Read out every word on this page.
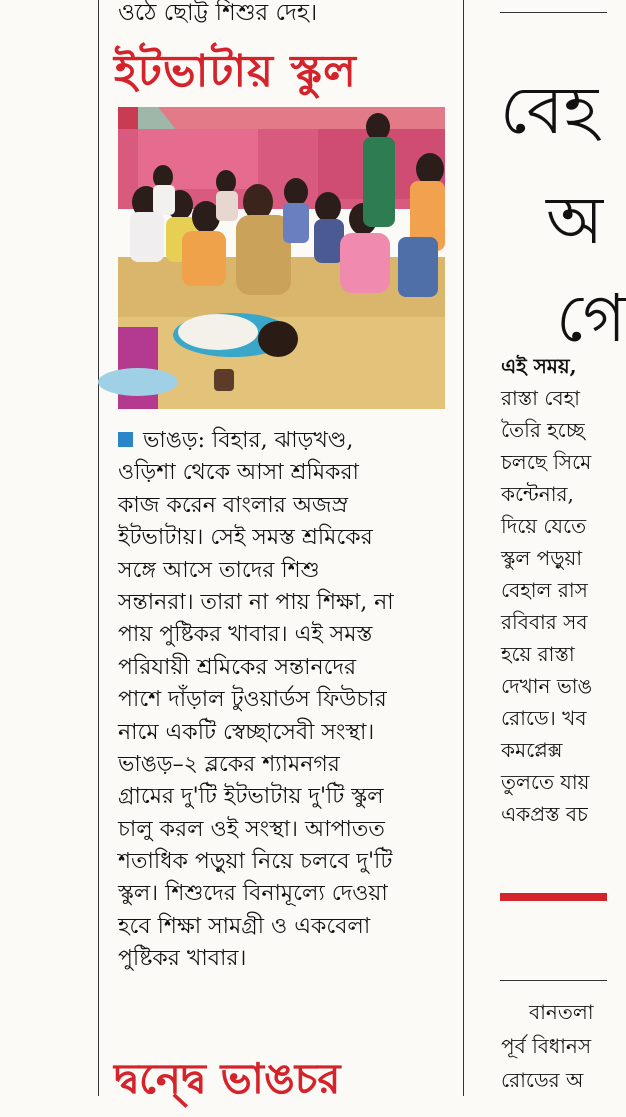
ওঠে ছোট্ট শিশুর দেহ।
ইটভাটায় স্কুল
ভাঙড়: বিহার, ঝাড়খণ্ড,
ওড়িশা থেকে আসা শ্রমিকরা
কাজ করেন বাংলার অজস্র
ইটভাটায়। সেই সমস্ত শ্রমিকের
সঙ্গে আসে তাদের শিশু
সন্তানরা। তারা না পায় শিক্ষা, না
পায় পুষ্টিকর খাবার। এই সমস্ত
পরিযায়ী শ্রমিকের সন্তানদের
পাশে দাঁড়াল টুওয়ার্ডস ফিউচার
নামে একটি স্বেচ্ছাসেবী সংস্থা।
ভাঙড়–২ ব্লকের শ্যামনগর
গ্রামের দু'টি ইটভাটায় দু'টি স্কুল
চালু করল ওই সংস্থা। আপাতত
শতাধিক পড়ুয়া নিয়ে চলবে দু'টি
স্কুল। শিশুদের বিনামূল্যে দেওয়া
হবে শিক্ষা সামগ্রী ও একবেলা
পুষ্টিকর খাবার।
দ্বন্দ্বে ভাঙচর
বেহ
অ
গে
এই সময়,
রাস্তা বেহা
তৈরি হচ্ছে
চলছে সিমে
কন্টেনার,
দিয়ে যেতে
স্কুল পড়ুয়া
বেহাল রাস
রবিবার সব
হয়ে রাস্তা
দেখান ভাঙ
রোডে। খব
কমপ্লেক্স
তুলতে যায়
একপ্রস্ত বচ
বানতলা
পূর্ব বিধানস
রোডের অ
